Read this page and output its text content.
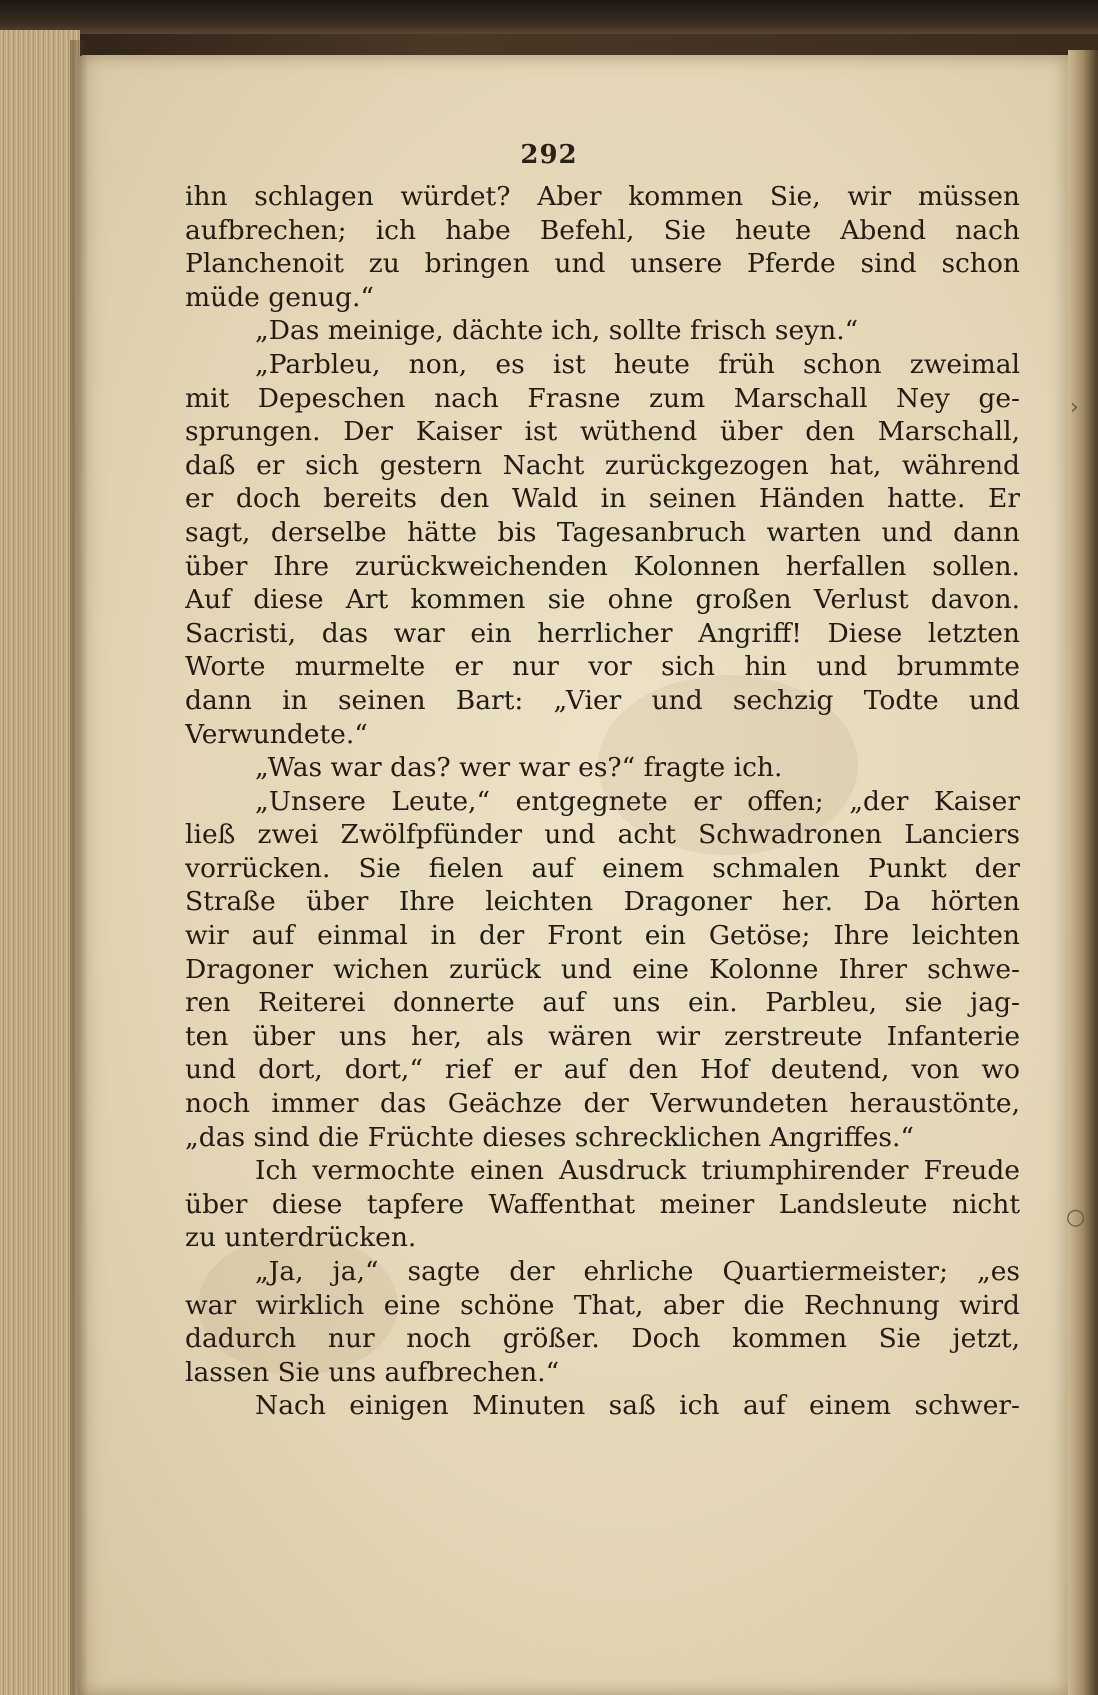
›
○
292
ihn schlagen würdet? Aber kommen Sie, wir müssen
aufbrechen; ich habe Befehl, Sie heute Abend nach
Planchenoit zu bringen und unsere Pferde sind schon
müde genug.“
„Das meinige, dächte ich, sollte frisch seyn.“
„Parbleu, non, es ist heute früh schon zweimal
mit Depeschen nach Frasne zum Marschall Ney ge-
sprungen. Der Kaiser ist wüthend über den Marschall,
daß er sich gestern Nacht zurückgezogen hat, während
er doch bereits den Wald in seinen Händen hatte. Er
sagt, derselbe hätte bis Tagesanbruch warten und dann
über Ihre zurückweichenden Kolonnen herfallen sollen.
Auf diese Art kommen sie ohne großen Verlust davon.
Sacristi, das war ein herrlicher Angriff! Diese letzten
Worte murmelte er nur vor sich hin und brummte
dann in seinen Bart: „Vier und sechzig Todte und
Verwundete.“
„Was war das? wer war es?“ fragte ich.
„Unsere Leute,“ entgegnete er offen; „der Kaiser
ließ zwei Zwölfpfünder und acht Schwadronen Lanciers
vorrücken. Sie fielen auf einem schmalen Punkt der
Straße über Ihre leichten Dragoner her. Da hörten
wir auf einmal in der Front ein Getöse; Ihre leichten
Dragoner wichen zurück und eine Kolonne Ihrer schwe-
ren Reiterei donnerte auf uns ein. Parbleu, sie jag-
ten über uns her, als wären wir zerstreute Infanterie
und dort, dort,“ rief er auf den Hof deutend, von wo
noch immer das Geächze der Verwundeten heraustönte,
„das sind die Früchte dieses schrecklichen Angriffes.“
Ich vermochte einen Ausdruck triumphirender Freude
über diese tapfere Waffenthat meiner Landsleute nicht
zu unterdrücken.
„Ja, ja,“ sagte der ehrliche Quartiermeister; „es
war wirklich eine schöne That, aber die Rechnung wird
dadurch nur noch größer. Doch kommen Sie jetzt,
lassen Sie uns aufbrechen.“
Nach einigen Minuten saß ich auf einem schwer-
